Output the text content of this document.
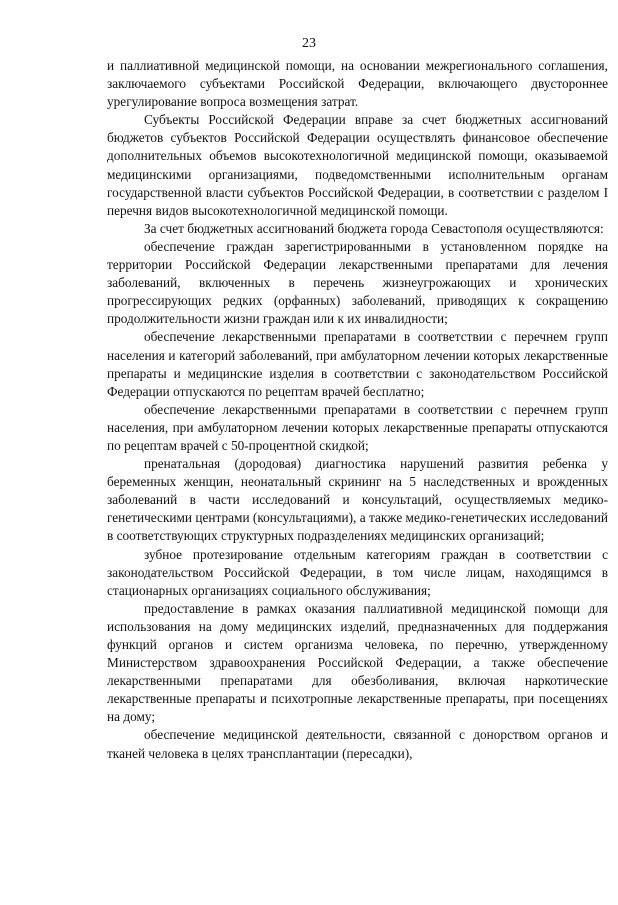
23

и паллиативной медицинской помощи, на основании межрегионального соглашения, заключаемого субъектами Российской Федерации, включающего двустороннее урегулирование вопроса возмещения затрат.

Субъекты Российской Федерации вправе за счет бюджетных ассигнований бюджетов субъектов Российской Федерации осуществлять финансовое обеспечение дополнительных объемов высокотехнологичной медицинской помощи, оказываемой медицинскими организациями, подведомственными исполнительным органам государственной власти субъектов Российской Федерации, в соответствии с разделом I перечня видов высокотехнологичной медицинской помощи.

За счет бюджетных ассигнований бюджета города Севастополя осуществляются:

обеспечение граждан зарегистрированными в установленном порядке на территории Российской Федерации лекарственными препаратами для лечения заболеваний, включенных в перечень жизнеугрожающих и хронических прогрессирующих редких (орфанных) заболеваний, приводящих к сокращению продолжительности жизни граждан или к их инвалидности;

обеспечение лекарственными препаратами в соответствии с перечнем групп населения и категорий заболеваний, при амбулаторном лечении которых лекарственные препараты и медицинские изделия в соответствии с законодательством Российской Федерации отпускаются по рецептам врачей бесплатно;

обеспечение лекарственными препаратами в соответствии с перечнем групп населения, при амбулаторном лечении которых лекарственные препараты отпускаются по рецептам врачей с 50-процентной скидкой;

пренатальная (дородовая) диагностика нарушений развития ребенка у беременных женщин, неонатальный скрининг на 5 наследственных и врожденных заболеваний в части исследований и консультаций, осуществляемых медико-генетическими центрами (консультациями), а также медико-генетических исследований в соответствующих структурных подразделениях медицинских организаций;

зубное протезирование отдельным категориям граждан в соответствии с законодательством Российской Федерации, в том числе лицам, находящимся в стационарных организациях социального обслуживания;

предоставление в рамках оказания паллиативной медицинской помощи для использования на дому медицинских изделий, предназначенных для поддержания функций органов и систем организма человека, по перечню, утвержденному Министерством здравоохранения Российской Федерации, а также обеспечение лекарственными препаратами для обезболивания, включая наркотические лекарственные препараты и психотропные лекарственные препараты, при посещениях на дому;

обеспечение медицинской деятельности, связанной с донорством органов и тканей человека в целях трансплантации (пересадки),
